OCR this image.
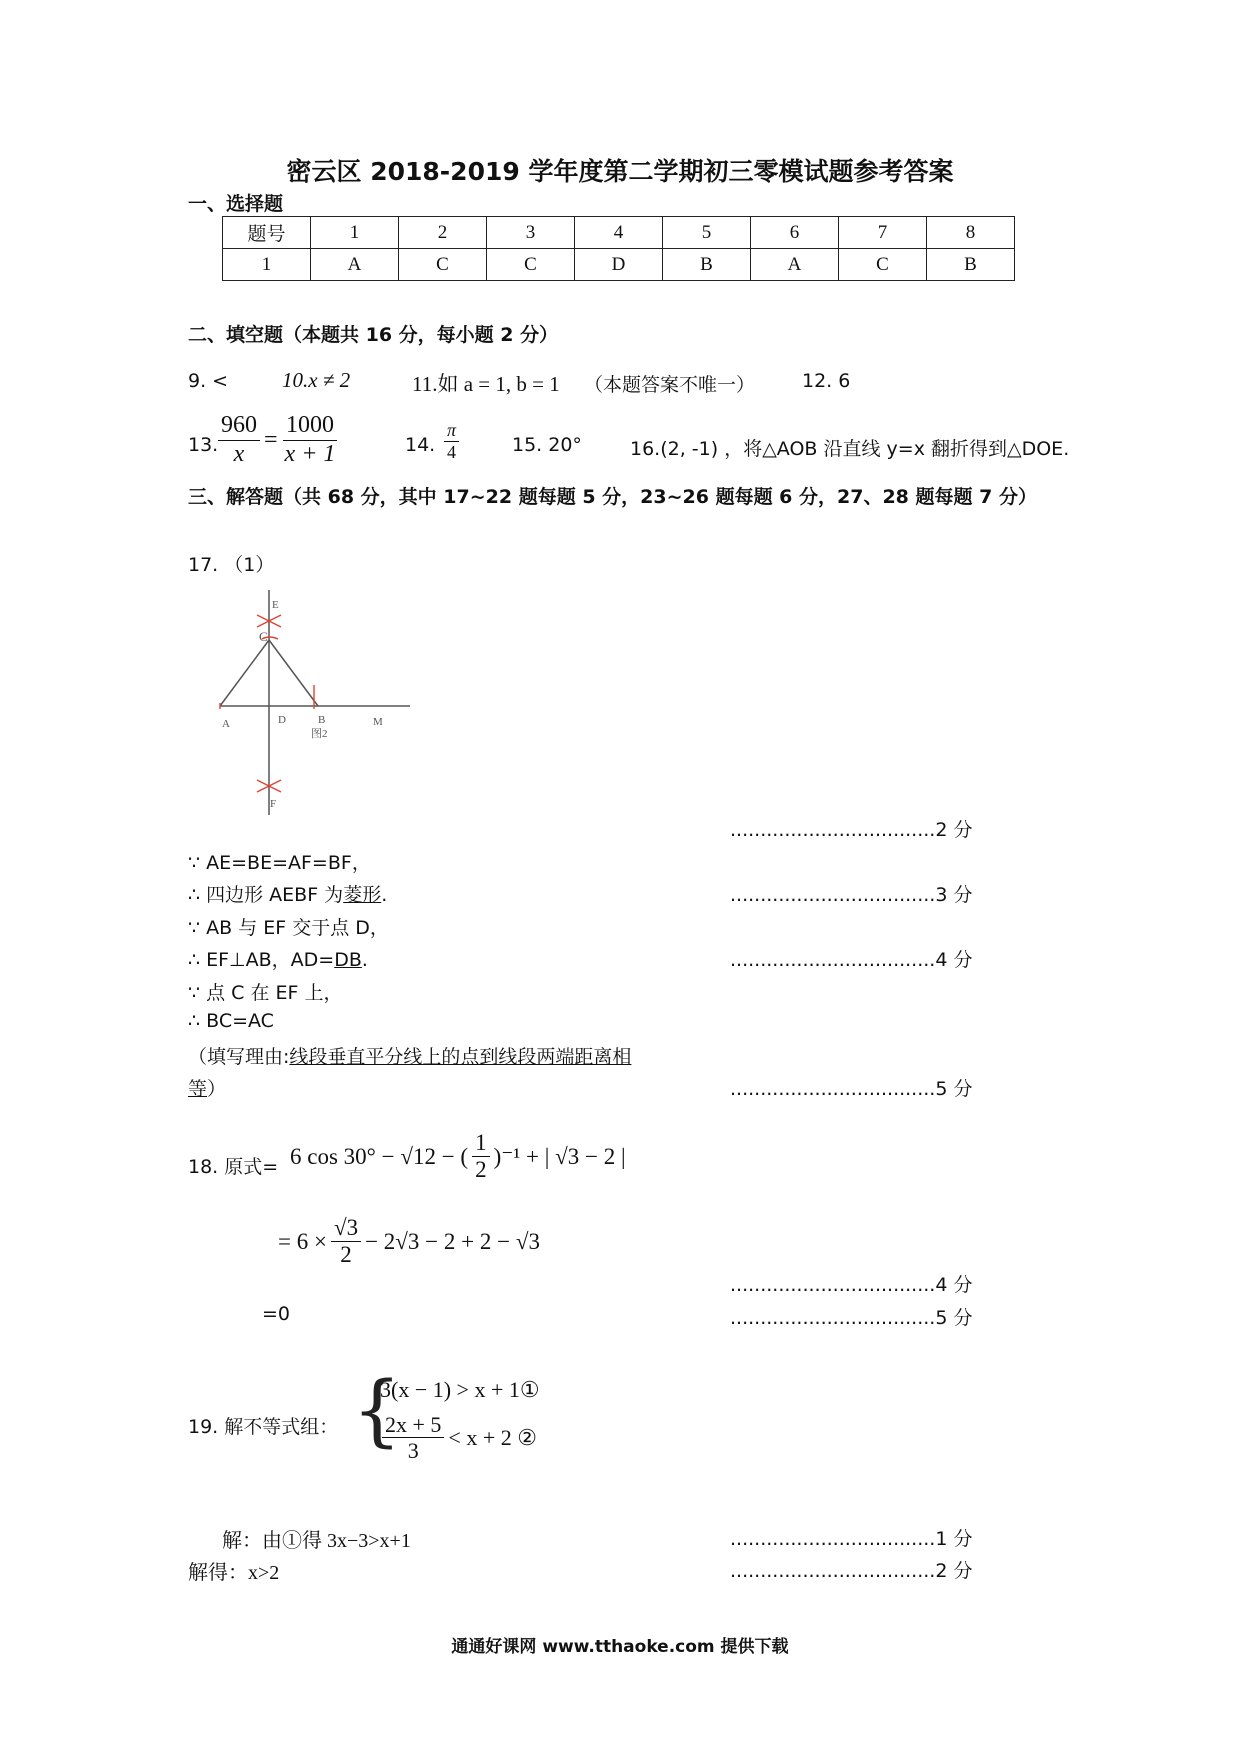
密云区 2018-2019 学年度第二学期初三零模试题参考答案
一、选择题
题号	1	2	3	4	5	6	7	8
1	A	C	C	D	B	A	C	B
二、填空题（本题共 16 分，每小题 2 分）
9. <	10.x ≠ 2	11.如 a = 1, b = 1 （本题答案不唯一） 12. 6
13. $\frac{960}{x} = \frac{1000}{x + 1}$	14. $\frac{\pi}{4}$	15. 20°	16.(2, -1) ，将△AOB 沿直线 y=x 翻折得到△DOE.
三、解答题（共 68 分，其中 17~22 题每题 5 分，23~26 题每题 6 分，27、28 题每题 7 分）
17. （1）
E
C
A	D	B	M
图2
F
..................................2 分
∵ AE=BE=AF=BF，
∴ 四边形 AEBF 为菱形.	..................................3 分
∵ AB 与 EF 交于点 D，
∴ EF⊥AB，AD=DB.	..................................4 分
∵ 点 C 在 EF 上，
∴ BC=AC
（填写理由:线段垂直平分线上的点到线段两端距离相
等）	..................................5 分
18. 原式= 6 cos 30° − √12 − ( $\frac{1}{2} )^{-1}$ + | √3 − 2 |
= $6 \times \frac{√3}{2} - 2√3 - 2 + 2 - √3$
..................................4 分
=0	..................................5 分
19. 解不等式组： {
3(x − 1) > x + 1①
$\frac{2x + 5}{3} < x + 2$ ②
解：由①得 3x−3>x+1	..................................1 分
解得：x>2	..................................2 分
通通好课网 www.tthaoke.com 提供下载
